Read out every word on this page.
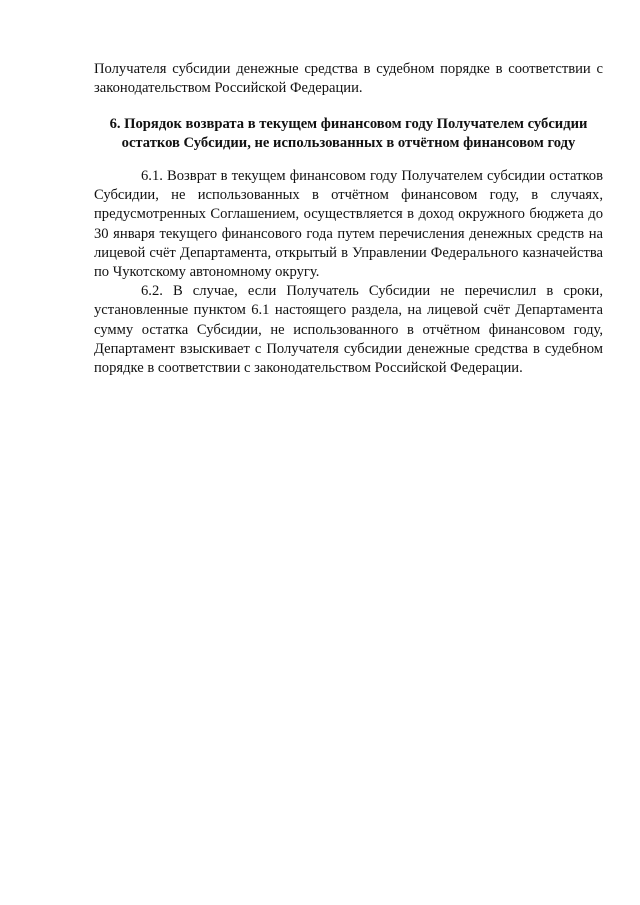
Получателя субсидии денежные средства в судебном порядке в соответствии с законодательством Российской Федерации.
6. Порядок возврата в текущем финансовом году Получателем субсидии остатков Субсидии, не использованных в отчётном финансовом году

6.1. Возврат в текущем финансовом году Получателем субсидии остатков Субсидии, не использованных в отчётном финансовом году, в случаях, предусмотренных Соглашением, осуществляется в доход окружного бюджета до 30 января текущего финансового года путем перечисления денежных средств на лицевой счёт Департамента, открытый в Управлении Федерального казначейства по Чукотскому автономному округу.

6.2. В случае, если Получатель Субсидии не перечислил в сроки, установленные пунктом 6.1 настоящего раздела, на лицевой счёт Департамента сумму остатка Субсидии, не использованного в отчётном финансовом году, Департамент взыскивает с Получателя субсидии денежные средства в судебном порядке в соответствии с законодательством Российской Федерации.
